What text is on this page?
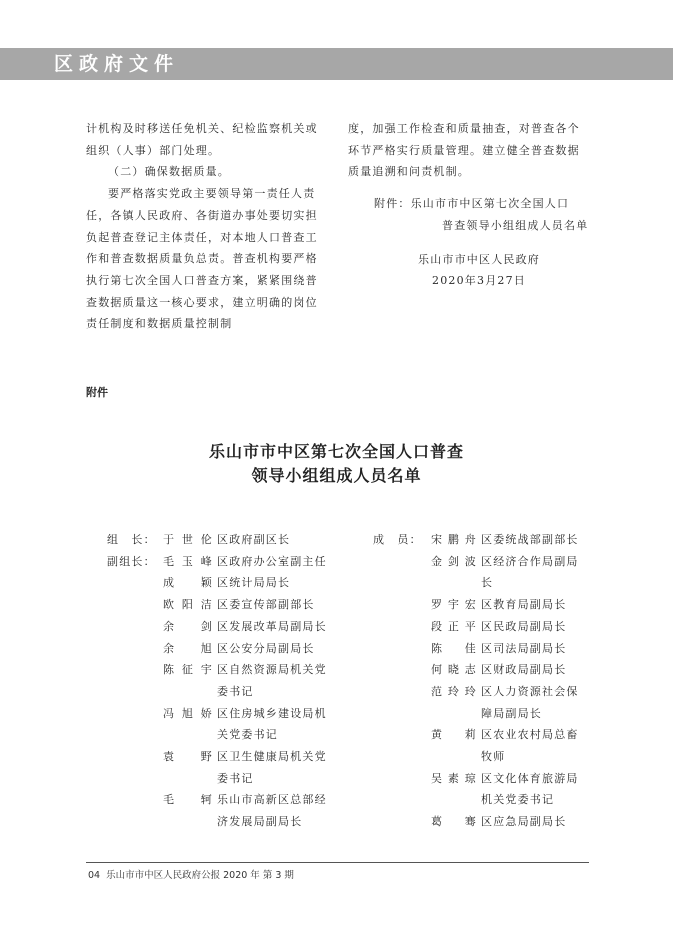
区政府文件

计机构及时移送任免机关、纪检监察机关或组织（人事）部门处理。

（二）确保数据质量。

要严格落实党政主要领导第一责任人责任，各镇人民政府、各街道办事处要切实担负起普查登记主体责任，对本地人口普查工作和普查数据质量负总责。普查机构要严格执行第七次全国人口普查方案，紧紧围绕普查数据质量这一核心要求，建立明确的岗位责任制度和数据质量控制制

度，加强工作检查和质量抽查，对普查各个环节严格实行质量管理。建立健全普查数据质量追溯和问责机制。

附件：乐山市市中区第七次全国人口
普查领导小组组成人员名单

乐山市市中区人民政府

2020年3月27日

附件
乐山市市中区第七次全国人口普查
领导小组组成人员名单
组　长： 于世伦 区政府副区长
副组长： 毛玉峰 区政府办公室副主任
成颖 区统计局局长
欧阳洁 区委宣传部副部长
余剑 区发展改革局副局长
余旭 区公安分局副局长
陈征宇 区自然资源局机关党
委书记
冯旭娇 区住房城乡建设局机
关党委书记
袁野 区卫生健康局机关党
委书记
毛轲 乐山市高新区总部经
济发展局副局长
成　员： 宋鹏舟 区委统战部副部长
金剑波 区经济合作局副局
长
罗宇宏 区教育局副局长
段正平 区民政局副局长
陈佳 区司法局副局长
何晓志 区财政局副局长
范玲玲 区人力资源社会保
障局副局长
黄莉 区农业农村局总畜
牧师
吴素琼 区文化体育旅游局
机关党委书记
葛骞 区应急局副局长
04 乐山市市中区人民政府公报 2020 年 第 3 期
